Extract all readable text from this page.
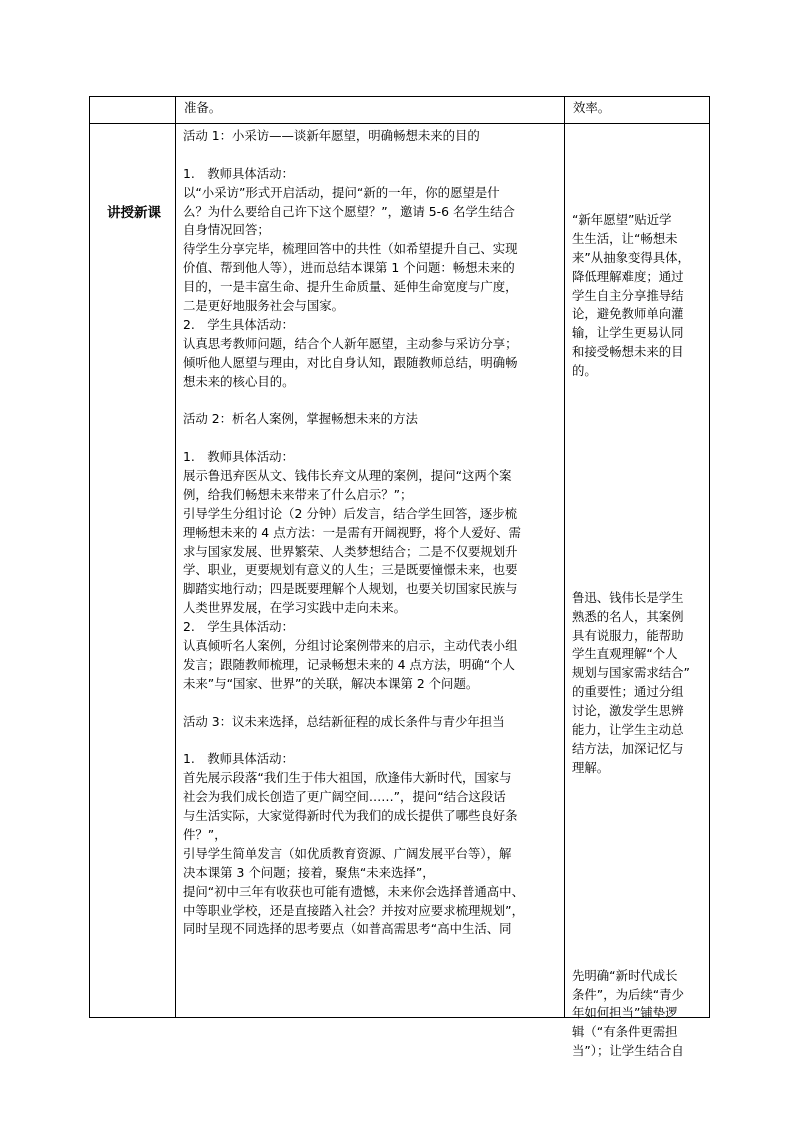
准备。	效率。
讲授新课
活动 1：小采访——谈新年愿望，明确畅想未来的目的
1.　教师具体活动：
以“小采访”形式开启活动，提问“新的一年，你的愿望是什
么？为什么要给自己许下这个愿望？”，邀请 5-6 名学生结合
自身情况回答；
待学生分享完毕，梳理回答中的共性（如希望提升自己、实现
价值、帮到他人等），进而总结本课第 1 个问题：畅想未来的
目的，一是丰富生命、提升生命质量、延伸生命宽度与广度，
二是更好地服务社会与国家。
2.　学生具体活动：
认真思考教师问题，结合个人新年愿望，主动参与采访分享；
倾听他人愿望与理由，对比自身认知，跟随教师总结，明确畅
想未来的核心目的。
活动 2：析名人案例，掌握畅想未来的方法
1.　教师具体活动：
展示鲁迅弃医从文、钱伟长弃文从理的案例，提问“这两个案
例，给我们畅想未来带来了什么启示？”；
引导学生分组讨论（2 分钟）后发言，结合学生回答，逐步梳
理畅想未来的 4 点方法：一是需有开阔视野，将个人爱好、需
求与国家发展、世界繁荣、人类梦想结合；二是不仅要规划升
学、职业，更要规划有意义的人生；三是既要憧憬未来，也要
脚踏实地行动；四是既要理解个人规划，也要关切国家民族与
人类世界发展，在学习实践中走向未来。
2.　学生具体活动：
认真倾听名人案例，分组讨论案例带来的启示，主动代表小组
发言；跟随教师梳理，记录畅想未来的 4 点方法，明确“个人
未来”与“国家、世界”的关联，解决本课第 2 个问题。
活动 3：议未来选择，总结新征程的成长条件与青少年担当
1.　教师具体活动：
首先展示段落“我们生于伟大祖国，欣逢伟大新时代，国家与
社会为我们成长创造了更广阔空间……”，提问“结合这段话
与生活实际，大家觉得新时代为我们的成长提供了哪些良好条
件？”，
引导学生简单发言（如优质教育资源、广阔发展平台等），解
决本课第 3 个问题；接着，聚焦“未来选择”，
提问“初中三年有收获也可能有遗憾，未来你会选择普通高中、
中等职业学校，还是直接踏入社会？并按对应要求梳理规划”，
同时呈现不同选择的思考要点（如普高需思考“高中生活、同
“新年愿望”贴近学
生生活，让“畅想未
来”从抽象变得具体，
降低理解难度；通过
学生自主分享推导结
论，避免教师单向灌
输，让学生更易认同
和接受畅想未来的目
的。
鲁迅、钱伟长是学生
熟悉的名人，其案例
具有说服力，能帮助
学生直观理解“个人
规划与国家需求结合”
的重要性；通过分组
讨论，激发学生思辨
能力，让学生主动总
结方法，加深记忆与
理解。
先明确“新时代成长
条件”，为后续“青少
年如何担当”铺垫逻
辑（“有条件更需担
当”）；让学生结合自
